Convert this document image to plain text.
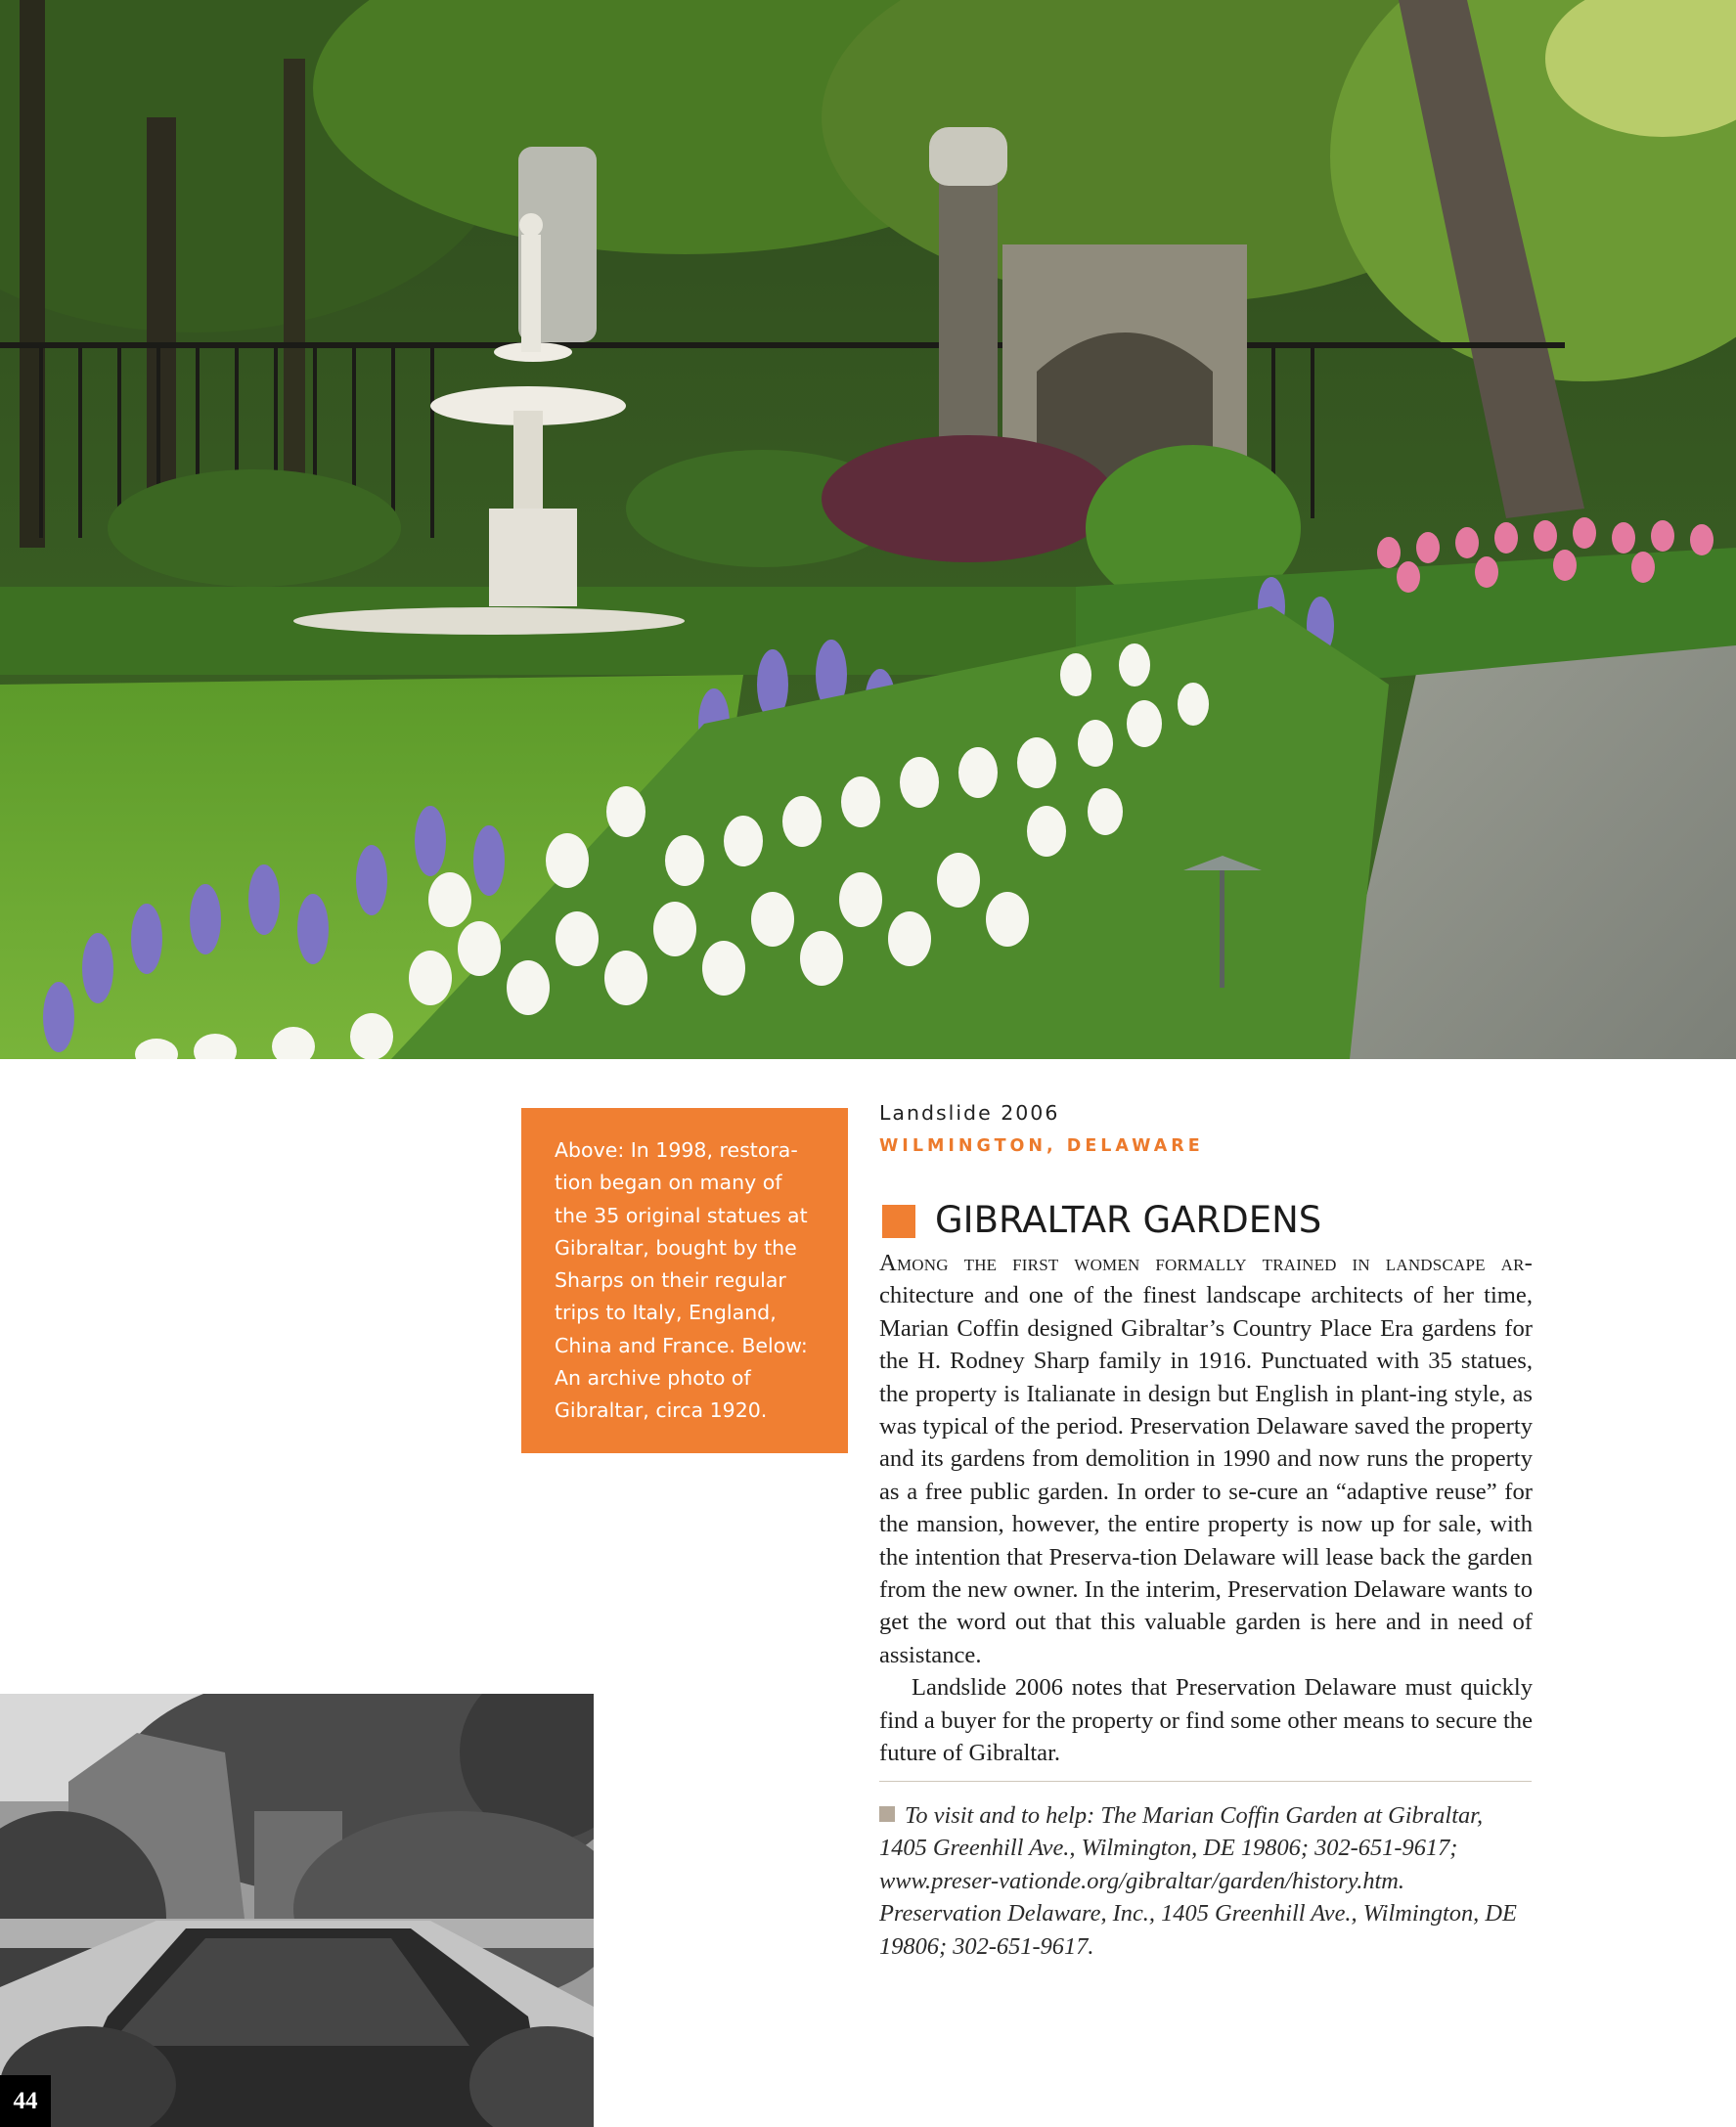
Above: In 1998, restora-tion began on many of the 35 original statues at Gibraltar, bought by the Sharps on their regular trips to Italy, England, China and France. Below: An archive photo of Gibraltar, circa 1920.

Landslide 2006
WILMINGTON, DELAWARE
GIBRALTAR GARDENS

Among the first women formally trained in landscape ar- chitecture and one of the finest landscape architects of her time, Marian Coffin designed Gibraltar’s Country Place Era gardens for the H. Rodney Sharp family in 1916. Punctuated with 35 statues, the property is Italianate in design but English in plant-ing style, as was typical of the period. Preservation Delaware saved the property and its gardens from demolition in 1990 and now runs the property as a free public garden. In order to se-cure an “adaptive reuse” for the mansion, however, the entire property is now up for sale, with the intention that Preserva-tion Delaware will lease back the garden from the new owner. In the interim, Preservation Delaware wants to get the word out that this valuable garden is here and in need of assistance.

Landslide 2006 notes that Preservation Delaware must quickly find a buyer for the property or find some other means to secure the future of Gibraltar.

To visit and to help: The Marian Coffin Garden at Gibraltar, 1405 Greenhill Ave., Wilmington, DE 19806; 302-651-9617; www.preser-vationde.org/gibraltar/garden/history.htm. Preservation Delaware, Inc., 1405 Greenhill Ave., Wilmington, DE 19806; 302-651-9617.

44
